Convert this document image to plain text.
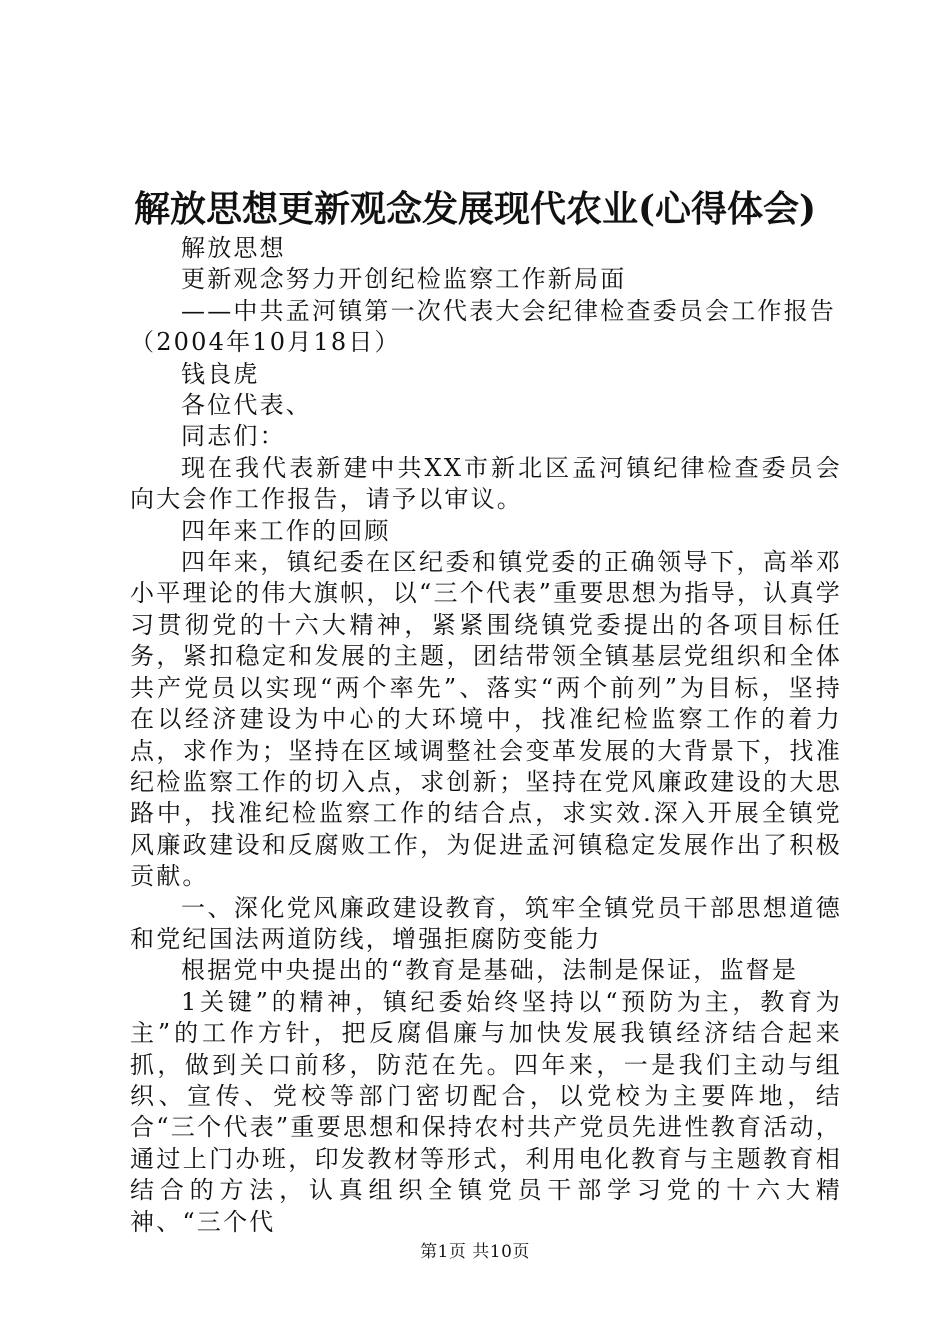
解放思想更新观念发展现代农业(心得体会)

解放思想

更新观念努力开创纪检监察工作新局面

——中共孟河镇第一次代表大会纪律检查委员会工作报告

（2004年10月18日）

钱良虎

各位代表、

同志们：

现在我代表新建中共XX市新北区孟河镇纪律检查委员会向大会作工作报告，请予以审议。

四年来工作的回顾

四年来，镇纪委在区纪委和镇党委的正确领导下，高举邓小平理论的伟大旗帜，以“三个代表”重要思想为指导，认真学习贯彻党的十六大精神，紧紧围绕镇党委提出的各项目标任务，紧扣稳定和发展的主题，团结带领全镇基层党组织和全体共产党员以实现“两个率先”、落实“两个前列”为目标，坚持在以经济建设为中心的大环境中，找准纪检监察工作的着力点，求作为；坚持在区域调整社会变革发展的大背景下，找准纪检监察工作的切入点，求创新；坚持在党风廉政建设的大思路中，找准纪检监察工作的结合点，求实效.深入开展全镇党风廉政建设和反腐败工作，为促进孟河镇稳定发展作出了积极贡献。

一、深化党风廉政建设教育，筑牢全镇党员干部思想道德和党纪国法两道防线，增强拒腐防变能力

根据党中央提出的“教育是基础，法制是保证，监督是

1关键”的精神，镇纪委始终坚持以“预防为主，教育为主”的工作方针，把反腐倡廉与加快发展我镇经济结合起来抓，做到关口前移，防范在先。四年来，一是我们主动与组织、宣传、党校等部门密切配合，以党校为主要阵地，结合“三个代表”重要思想和保持农村共产党员先进性教育活动，通过上门办班，印发教材等形式，利用电化教育与主题教育相结合的方法，认真组织全镇党员干部学习党的十六大精神、“三个代

第1页 共10页
